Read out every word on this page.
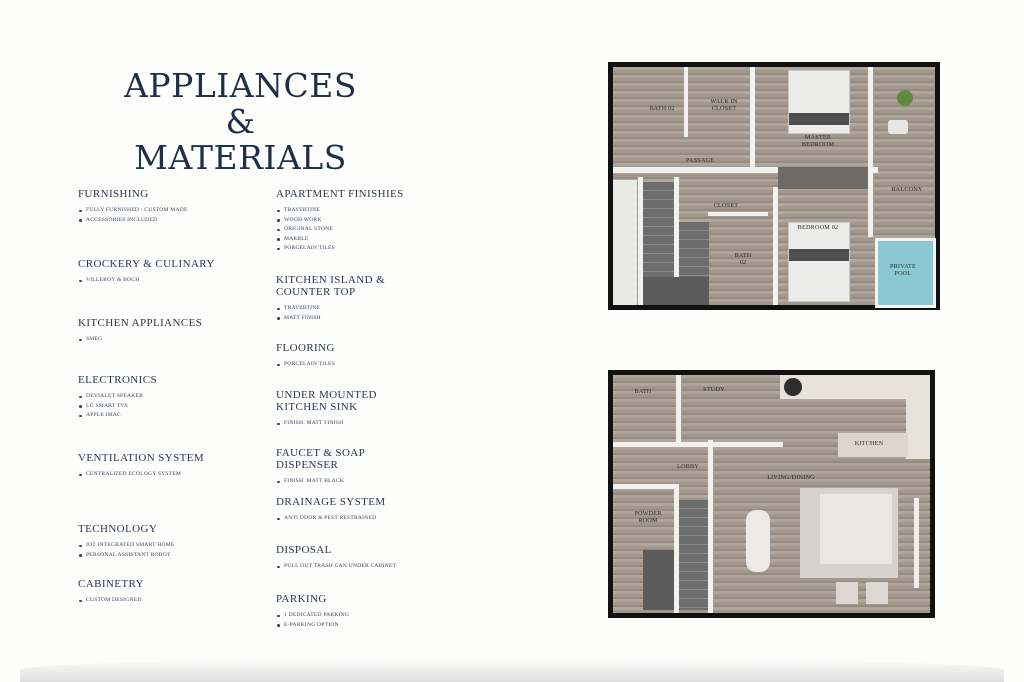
APPLIANCES &
MATERIALS
FURNISHING
FULLY FURNISHED - CUSTOM MADE
ACCESSORIES INCLUDED
CROCKERY & CULINARY
VILLEROY & BOCH
KITCHEN APPLIANCES
SMEG
ELECTRONICS
DEVIALET SPEAKER
LG SMART TVS
APPLE IMAC
VENTILATION SYSTEM
CENTRALIZED ECOLOGY SYSTEM
TECHNOLOGY
IOT INTEGRATED SMART HOME
PERSONAL ASSISTANT ROBOT
CABINETRY
CUSTOM DESIGNED
APARTMENT FINISHIES
TRAVERTINE
WOOD WORK
ORIGINAL STONE
MARBLE
PORCELAIN TILES
KITCHEN ISLAND & COUNTER TOP
TRAVERTINE
MATT FINISH
FLOORING
PORCELAIN TILES
UNDER MOUNTED KITCHEN SINK
FINISH: MATT FINISH
FAUCET & SOAP DISPENSER
FINISH: MATT BLACK
DRAINAGE SYSTEM
ANTI ODOR & PEST RESTRAINED
DISPOSAL
PULL OUT TRASH CAN UNDER CABINET
PARKING
1 DEDICATED PARKING
E-PARKING OPTION
BATH 02
WALK IN CLOSET
MASTER BEDROOM
PASSAGE
BALCONY
CLOSET
BEDROOM 02
BATH 02
PRIVATE POOL
BATH	STUDY
KITCHEN
LOBBY
LIVING/DINING
POWDER ROOM
